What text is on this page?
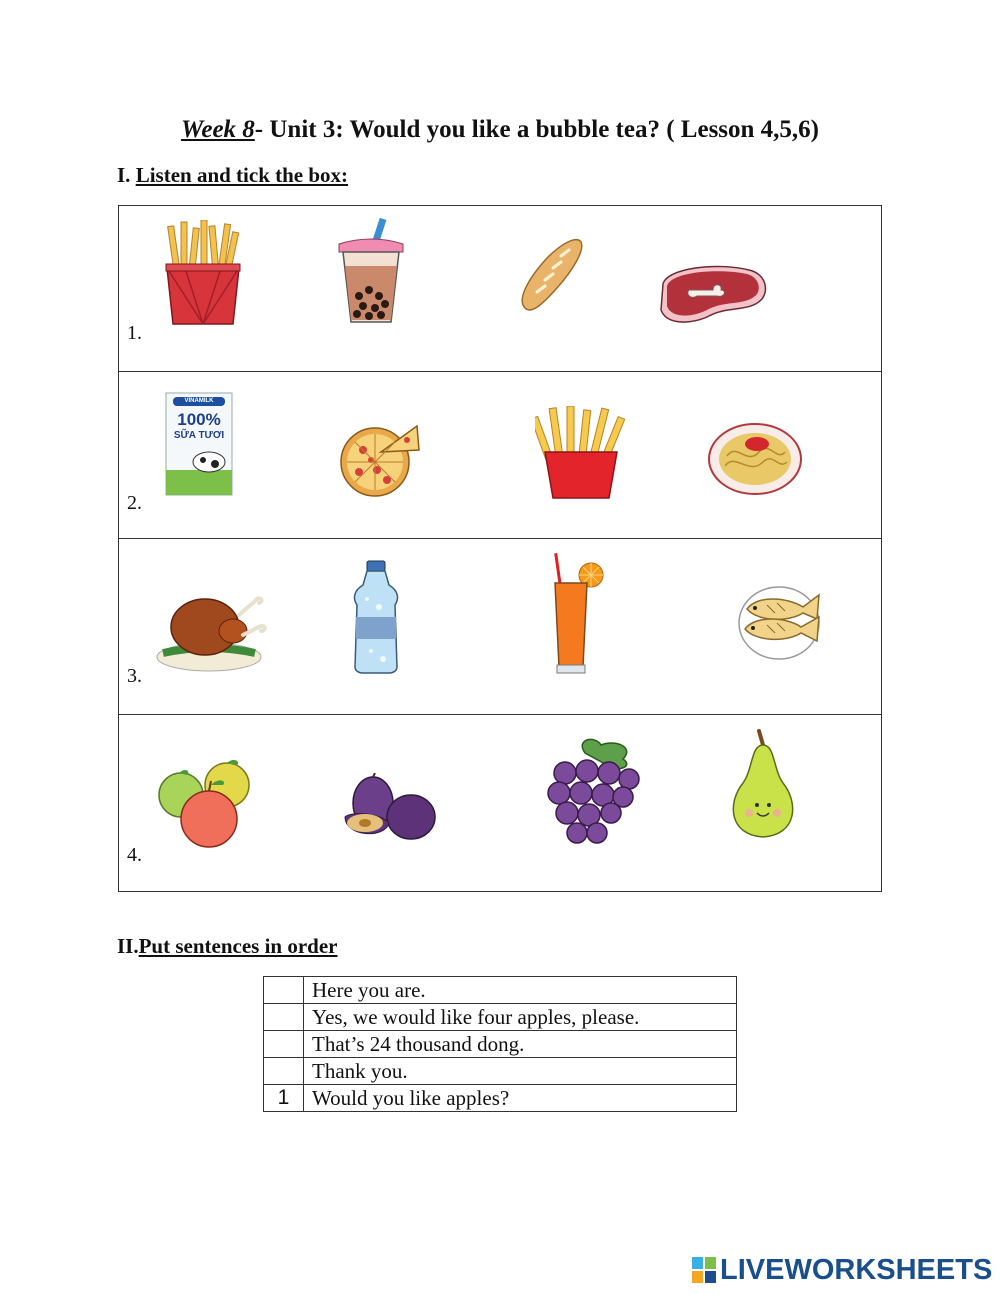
Week 8- Unit 3: Would you like a bubble tea? ( Lesson 4,5,6)
I. Listen and tick the box:
1.
2.
VINAMILK
100%
SỮA TƯƠI
3.
4.
II.Put sentences in order
	Here you are.
	Yes, we would like four apples, please.
	That’s 24 thousand dong.
	Thank you.
1	Would you like apples?
LIVEWORKSHEETS
